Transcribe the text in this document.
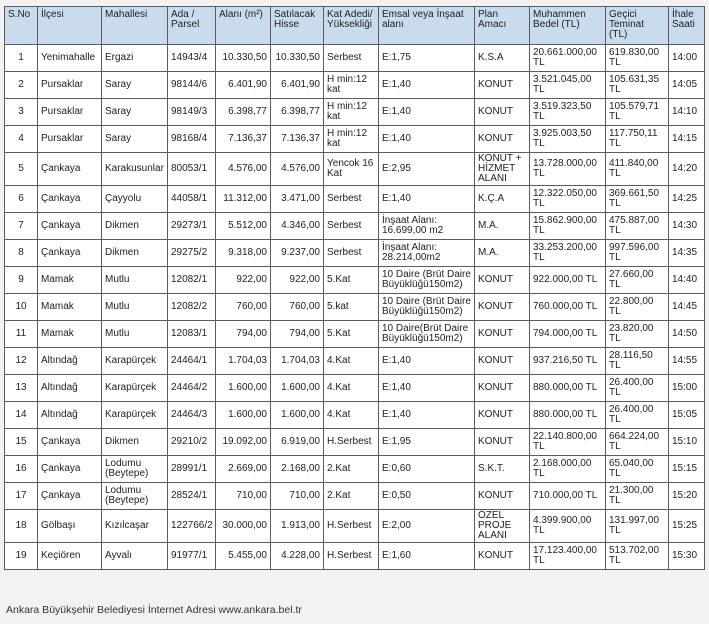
S.No	İlçesi	Mahallesi	Ada / Parsel	Alanı (m²)	Satılacak Hisse	Kat Adedi/ Yüksekliği	Emsal veya İnşaat alanı	Plan Amacı	Muhammen Bedel (TL)	Geçici Teminat (TL)	İhale Saati
1	Yenimahalle	Ergazi	14943/4	10.330,50	10.330,50	Serbest	E:1,75	K.S.A	20.661.000,00 TL	619.830,00 TL	14:00
2	Pursaklar	Saray	98144/6	6.401,90	6.401,90	H min:12 kat	E:1,40	KONUT	3.521.045,00 TL	105.631,35 TL	14:05
3	Pursaklar	Saray	98149/3	6.398,77	6.398,77	H min:12 kat	E:1,40	KONUT	3.519.323,50 TL	105.579,71 TL	14:10
4	Pursaklar	Saray	98168/4	7.136,37	7.136,37	H min:12 kat	E:1,40	KONUT	3.925.003,50 TL	117.750,11 TL	14:15
5	Çankaya	Karakusunlar	80053/1	4.576,00	4.576,00	Yencok 16 Kat	E:2,95	KONUT + HİZMET ALANI	13.728.000,00 TL	411.840,00 TL	14:20
6	Çankaya	Çayyolu	44058/1	11.312,00	3.471,00	Serbest	E:1,40	K.Ç.A	12.322.050,00 TL	369.661,50 TL	14:25
7	Çankaya	Dikmen	29273/1	5.512,00	4.346,00	Serbest	İnşaat Alanı: 16.699,00 m2	M.A.	15.862.900,00 TL	475.887,00 TL	14:30
8	Çankaya	Dikmen	29275/2	9.318,00	9.237,00	Serbest	İnşaat Alanı: 28.214,00m2	M.A.	33.253.200,00 TL	997.596,00 TL	14:35
9	Mamak	Mutlu	12082/1	922,00	922,00	5.Kat	10 Daire (Brüt Daire Büyüklüğü150m2)	KONUT	922.000,00 TL	27.660,00 TL	14:40
10	Mamak	Mutlu	12082/2	760,00	760,00	5.kat	10 Daire (Brüt Daire Büyüklüğü150m2)	KONUT	760.000,00 TL	22.800,00 TL	14:45
11	Mamak	Mutlu	12083/1	794,00	794,00	5.Kat	10 Daire(Brüt Daire Büyüklüğü150m2)	KONUT	794.000,00 TL	23.820,00 TL	14:50
12	Altındağ	Karapürçek	24464/1	1.704,03	1.704,03	4.Kat	E:1,40	KONUT	937.216,50 TL	28.116,50 TL	14:55
13	Altındağ	Karapürçek	24464/2	1.600,00	1.600,00	4.Kat	E:1,40	KONUT	880.000,00 TL	26.400,00 TL	15:00
14	Altındağ	Karapürçek	24464/3	1.600,00	1.600,00	4.Kat	E:1,40	KONUT	880.000,00 TL	26.400,00 TL	15:05
15	Çankaya	Dikmen	29210/2	19.092,00	6.919,00	H.Serbest	E:1,95	KONUT	22.140.800,00 TL	664.224,00 TL	15:10
16	Çankaya	Lodumu (Beytepe)	28991/1	2.669,00	2.168,00	2.Kat	E:0,60	S.K.T.	2.168.000,00 TL	65.040,00 TL	15:15
17	Çankaya	Lodumu (Beytepe)	28524/1	710,00	710,00	2.Kat	E:0,50	KONUT	710.000,00 TL	21.300,00 TL	15:20
18	Gölbaşı	Kızılcaşar	122766/2	30.000,00	1.913,00	H.Serbest	E:2,00	ÖZEL PROJE ALANI	4.399.900,00 TL	131.997,00 TL	15:25
19	Keçiören	Ayvalı	91977/1	5.455,00	4.228,00	H.Serbest	E:1,60	KONUT	17.123.400,00 TL	513.702,00 TL	15:30
Ankara Büyükşehir Belediyesi İnternet Adresi www.ankara.bel.tr
